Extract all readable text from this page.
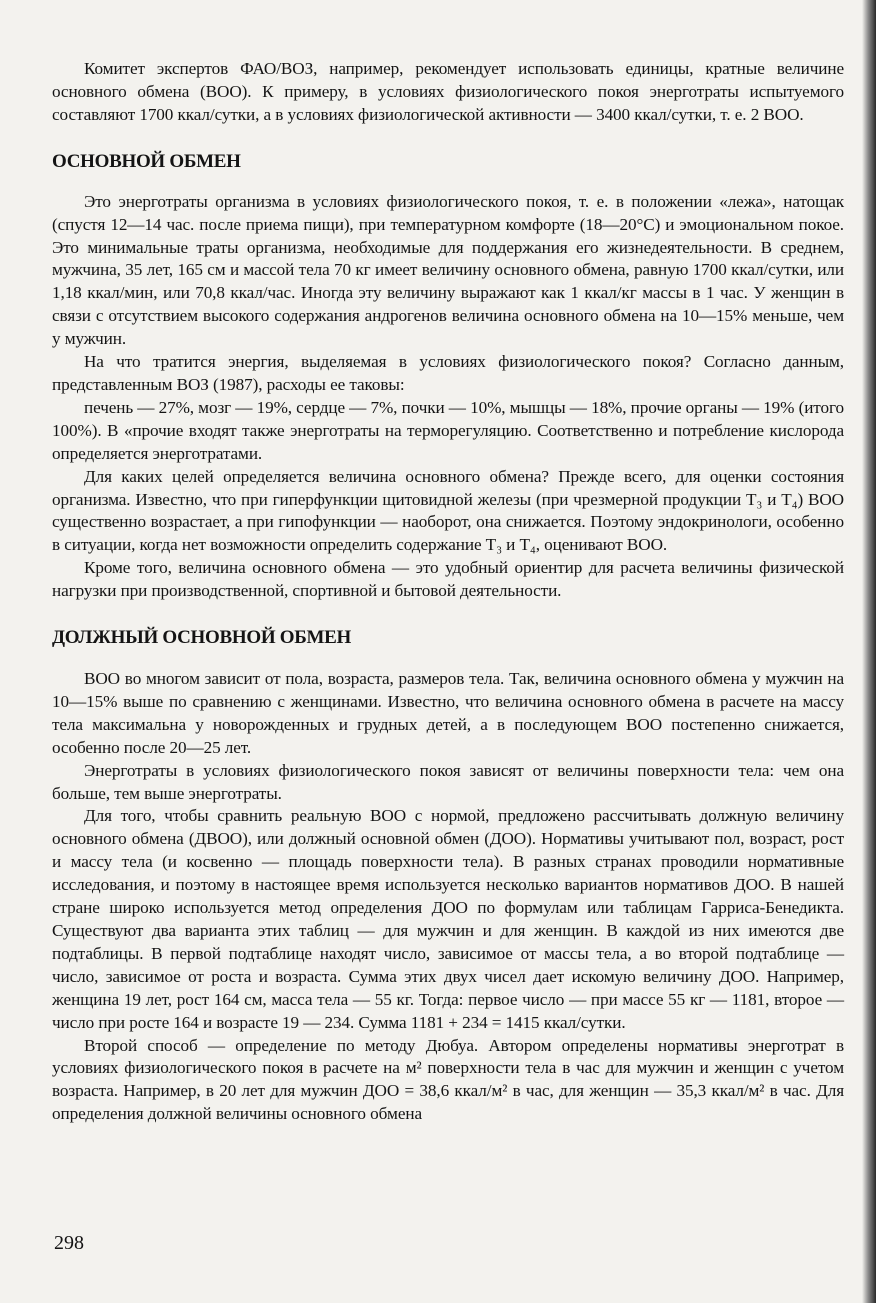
Комитет экспертов ФАО/ВОЗ, например, рекомендует использовать единицы, кратные величине основного обмена (ВОО). К примеру, в условиях физиологического покоя энерготраты испытуемого составляют 1700 ккал/сутки, а в условиях физиологической активности — 3400 ккал/сутки, т. е. 2 ВОО.

ОСНОВНОЙ ОБМЕН

Это энерготраты организма в условиях физиологического покоя, т. е. в положении «лежа», натощак (спустя 12—14 час. после приема пищи), при температурном комфорте (18—20°С) и эмоциональном покое. Это минимальные траты организма, необходимые для поддержания его жизнедеятельности. В среднем, мужчина, 35 лет, 165 см и массой тела 70 кг имеет величину основного обмена, равную 1700 ккал/сутки, или 1,18 ккал/мин, или 70,8 ккал/час. Иногда эту величину выражают как 1 ккал/кг массы в 1 час. У женщин в связи с отсутствием высокого содержания андрогенов величина основного обмена на 10—15% меньше, чем у мужчин.

На что тратится энергия, выделяемая в условиях физиологического покоя? Согласно данным, представленным ВОЗ (1987), расходы ее таковы:

печень — 27%, мозг — 19%, сердце — 7%, почки — 10%, мышцы — 18%, прочие органы — 19% (итого 100%). В «прочие входят также энерготраты на терморегуляцию. Соответственно и потребление кислорода определяется энерготратами.

Для каких целей определяется величина основного обмена? Прежде всего, для оценки состояния организма. Известно, что при гиперфункции щитовидной железы (при чрезмерной продукции Т₃ и Т₄) ВОО существенно возрастает, а при гипофункции — наоборот, она снижается. Поэтому эндокринологи, особенно в ситуации, когда нет возможности определить содержание Т₃ и Т₄, оценивают ВОО.

Кроме того, величина основного обмена — это удобный ориентир для расчета величины физической нагрузки при производственной, спортивной и бытовой деятельности.

ДОЛЖНЫЙ ОСНОВНОЙ ОБМЕН

ВОО во многом зависит от пола, возраста, размеров тела. Так, величина основного обмена у мужчин на 10—15% выше по сравнению с женщинами. Известно, что величина основного обмена в расчете на массу тела максимальна у новорожденных и грудных детей, а в последующем ВОО постепенно снижается, особенно после 20—25 лет.

Энерготраты в условиях физиологического покоя зависят от величины поверхности тела: чем она больше, тем выше энерготраты.

Для того, чтобы сравнить реальную ВОО с нормой, предложено рассчитывать должную величину основного обмена (ДВОО), или должный основной обмен (ДОО). Нормативы учитывают пол, возраст, рост и массу тела (и косвенно — площадь поверхности тела). В разных странах проводили нормативные исследования, и поэтому в настоящее время используется несколько вариантов нормативов ДОО. В нашей стране широко используется метод определения ДОО по формулам или таблицам Гарриса-Бенедикта. Существуют два варианта этих таблиц — для мужчин и для женщин. В каждой из них имеются две подтаблицы. В первой подтаблице находят число, зависимое от массы тела, а во второй подтаблице — число, зависимое от роста и возраста. Сумма этих двух чисел дает искомую величину ДОО. Например, женщина 19 лет, рост 164 см, масса тела — 55 кг. Тогда: первое число — при массе 55 кг — 1181, второе — число при росте 164 и возрасте 19 — 234. Сумма 1181 + 234 = 1415 ккал/сутки.

Второй способ — определение по методу Дюбуа. Автором определены нормативы энерготрат в условиях физиологического покоя в расчете на м² поверхности тела в час для мужчин и женщин с учетом возраста. Например, в 20 лет для мужчин ДОО = 38,6 ккал/м² в час, для женщин — 35,3 ккал/м² в час. Для определения должной величины основного обмена

298
